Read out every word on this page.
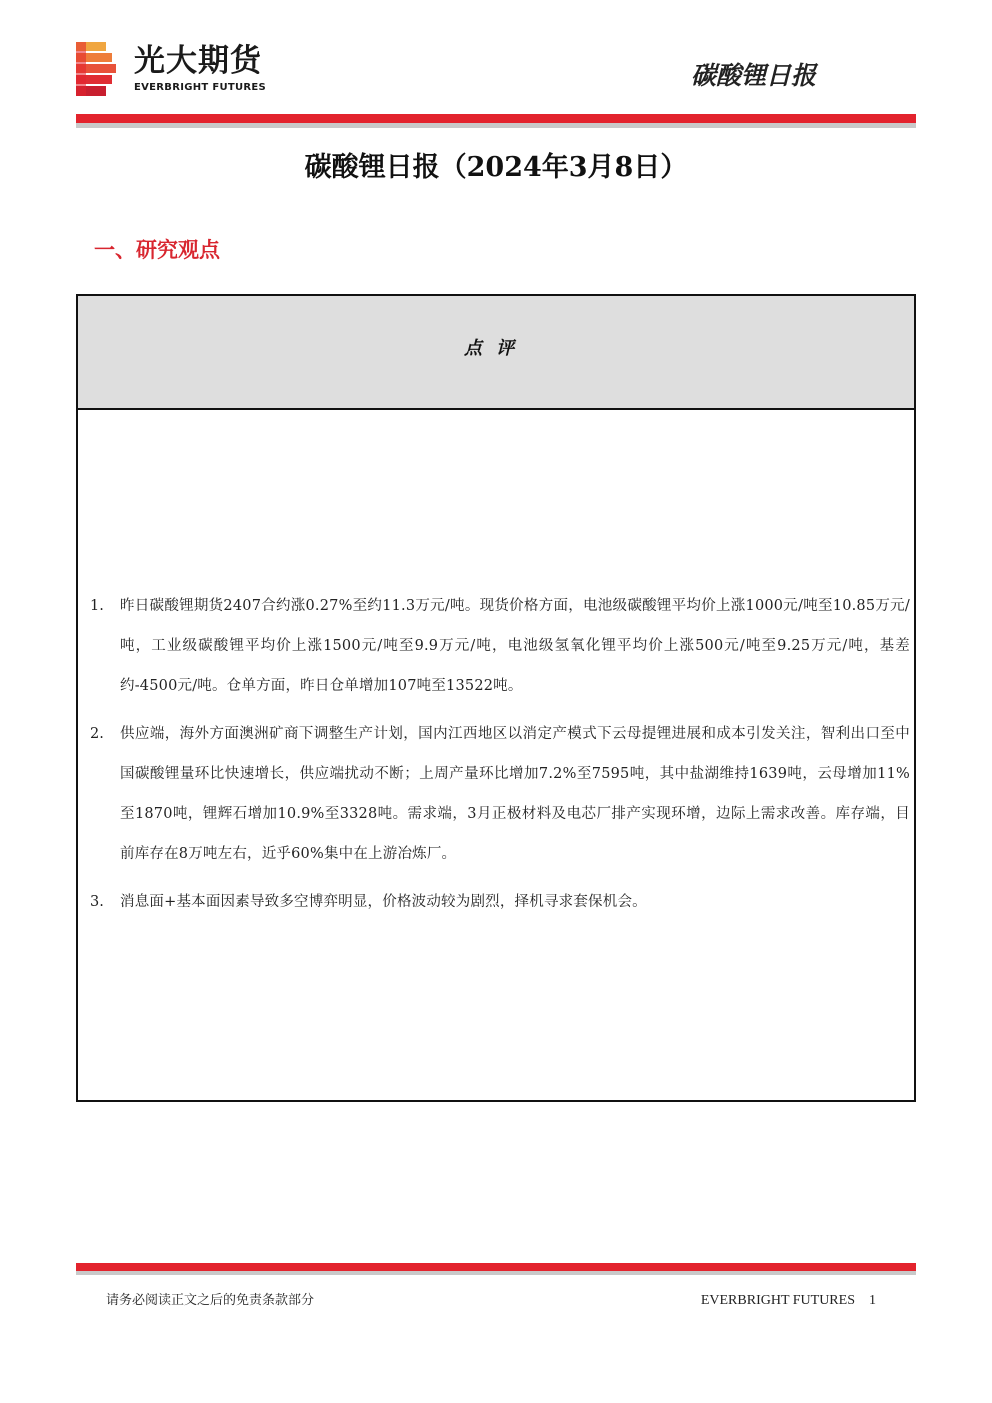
光大期货
EVERBRIGHT FUTURES	碳酸锂日报
碳酸锂日报（2024年3月8日）
一、研究观点
点评
1.	昨日碳酸锂期货2407合约涨0.27%至约11.3万元/吨。现货价格方面，电池级碳酸锂平均价上涨1000元/吨至10.85万元/吨，工业级碳酸锂平均价上涨1500元/吨至9.9万元/吨，电池级氢氧化锂平均价上涨500元/吨至9.25万元/吨，基差约-4500元/吨。仓单方面，昨日仓单增加107吨至13522吨。
2.	供应端，海外方面澳洲矿商下调整生产计划，国内江西地区以消定产模式下云母提锂进展和成本引发关注，智利出口至中国碳酸锂量环比快速增长，供应端扰动不断；上周产量环比增加7.2%至7595吨，其中盐湖维持1639吨，云母增加11%至1870吨，锂辉石增加10.9%至3328吨。需求端，3月正极材料及电芯厂排产实现环增，边际上需求改善。库存端，目前库存在8万吨左右，近乎60%集中在上游冶炼厂。
3.	消息面+基本面因素导致多空博弈明显，价格波动较为剧烈，择机寻求套保机会。
请务必阅读正文之后的免责条款部分	EVERBRIGHT FUTURES 1
